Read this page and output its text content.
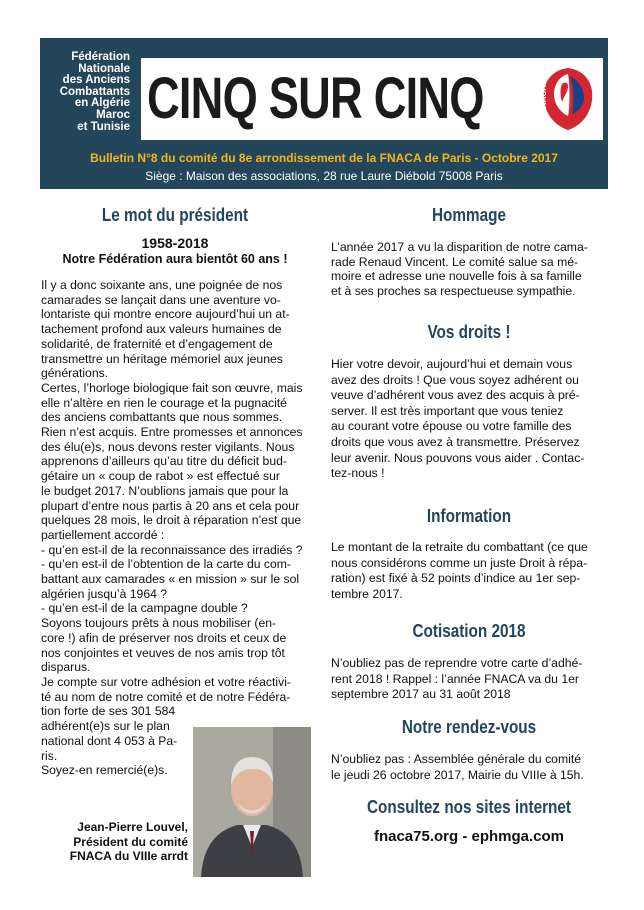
Fédération
Nationale
des Anciens
Combattants
en Algérie
Maroc
et Tunisie CINQ SUR CINQ	FNACA
Bulletin N°8 du comité du 8e arrondissement de la FNACA de Paris - Octobre 2017
Siège : Maison des associations, 28 rue Laure Diébold 75008 Paris
Le mot du président
1958-2018
Notre Fédération aura bientôt 60 ans !
Il y a donc soixante ans, une poignée de nos
camarades se lançait dans une aventure vo-
lontariste qui montre encore aujourd’hui un at-
tachement profond aux valeurs humaines de
solidarité, de fraternité et d’engagement de
transmettre un héritage mémoriel aux jeunes
générations.
Certes, l’horloge biologique fait son œuvre, mais
elle n’altère en rien le courage et la pugnacité
des anciens combattants que nous sommes.
Rien n’est acquis. Entre promesses et annonces
des élu(e)s, nous devons rester vigilants. Nous
apprenons d’ailleurs qu’au titre du déficit bud-
gétaire un « coup de rabot » est effectué sur
le budget 2017. N’oublions jamais que pour la
plupart d’entre nous partis à 20 ans et cela pour
quelques 28 mois, le droit à réparation n’est que
partiellement accordé :
- qu’en est-il de la reconnaissance des irradiés ?
- qu’en est-il de l’obtention de la carte du com-
battant aux camarades « en mission » sur le sol
algérien jusqu’à 1964 ?
- qu’en est-il de la campagne double ?
Soyons toujours prêts à nous mobiliser (en-
core !) afin de préserver nos droits et ceux de
nos conjointes et veuves de nos amis trop tôt
disparus.
Je compte sur votre adhésion et votre réactivi-
té au nom de notre comité et de notre Fédéra-
tion forte de ses 301 584
adhérent(e)s sur le plan
national dont 4 053 à Pa-
ris.
Soyez-en remercié(e)s.
Jean-Pierre Louvel,
Président du comité
FNACA du VIIIe arrdt
Hommage
L’année 2017 a vu la disparition de notre cama-
rade Renaud Vincent. Le comité salue sa mé-
moire et adresse une nouvelle fois à sa famille
et à ses proches sa respectueuse sympathie.
Vos droits !
Hier votre devoir, aujourd’hui et demain vous
avez des droits ! Que vous soyez adhérent ou
veuve d’adhérent vous avez des acquis à pré-
server. Il est très important que vous teniez
au courant votre épouse ou votre famille des
droits que vous avez à transmettre. Préservez
leur avenir. Nous pouvons vous aider . Contac-
tez-nous !
Information
Le montant de la retraite du combattant (ce que
nous considérons comme un juste Droit à répa-
ration) est fixé à 52 points d’indice au 1er sep-
tembre 2017.
Cotisation 2018
N’oubliez pas de reprendre votre carte d’adhé-
rent 2018 ! Rappel : l’année FNACA va du 1er
septembre 2017 au 31 août 2018
Notre rendez-vous
N’oubliez pas : Assemblée générale du comité
le jeudi 26 octobre 2017, Mairie du VIIIe à 15h.
Consultez nos sites internet
fnaca75.org - ephmga.com
